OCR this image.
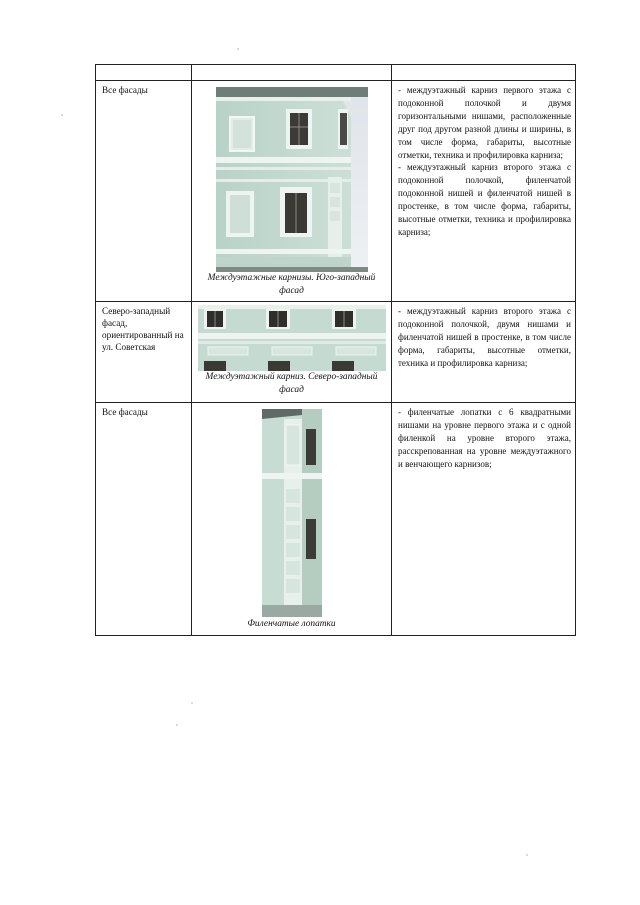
Все фасады	Междуэтажные карнизы. Юго-западный фасад	- междуэтажный карниз первого этажа с подоконной полочкой и двумя горизонтальными нишами, расположенные друг под другом разной длины и ширины, в том числе форма, габариты, высотные отметки, техника и профилировка карниза;

- междуэтажный карниз второго этажа с подоконной полочкой, филенчатой подоконной нишей и филенчатой нишей в простенке, в том числе форма, габариты, высотные отметки, техника и профилировка карниза;

Северо-западный фасад, ориентированный на ул. Советская	Междуэтажный карниз. Северо-западный фасад	- междуэтажный карниз второго этажа с подоконной полочкой, двумя нишами и филенчатой нишей в простенке, в том числе форма, габариты, высотные отметки, техника и профилировка карниза;

Все фасады	Филенчатые лопатки	- филенчатые лопатки с 6 квадратными нишами на уровне первого этажа и с одной филенкой на уровне второго этажа, расскрепованная на уровне междуэтажного и венчающего карнизов;
